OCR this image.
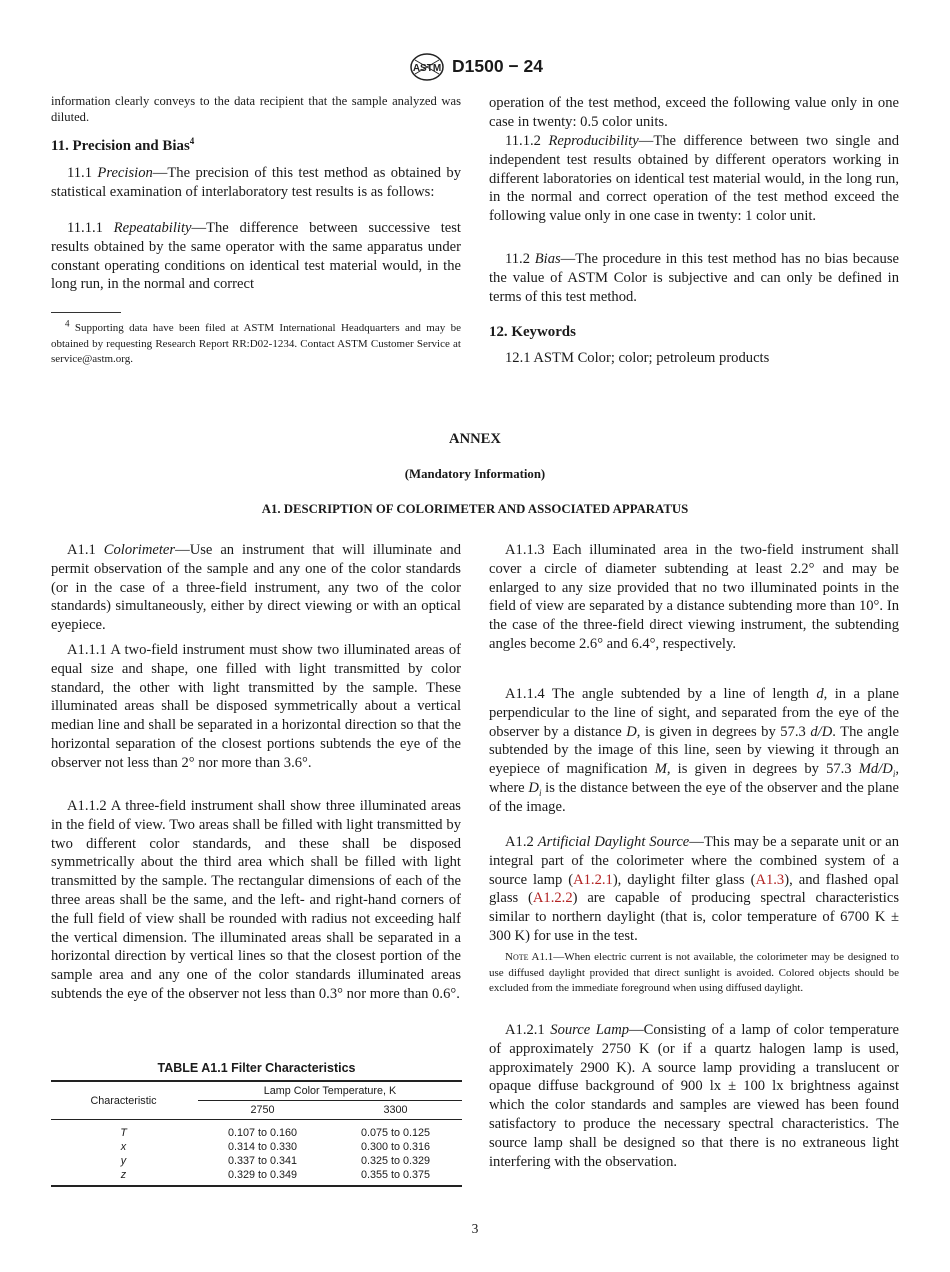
ASTM D1500 − 24

information clearly conveys to the data recipient that the sample analyzed was diluted.

11. Precision and Bias$^4$

11.1 Precision—The precision of this test method as obtained by statistical examination of interlaboratory test results is as follows:

11.1.1 Repeatability—The difference between successive test results obtained by the same operator with the same apparatus under constant operating conditions on identical test material would, in the long run, in the normal and correct

$^4$ Supporting data have been filed at ASTM International Headquarters and may be obtained by requesting Research Report RR:D02-1234. Contact ASTM Customer Service at service@astm.org.

operation of the test method, exceed the following value only in one case in twenty: 0.5 color units.

11.1.2 Reproducibility—The difference between two single and independent test results obtained by different operators working in different laboratories on identical test material would, in the long run, in the normal and correct operation of the test method exceed the following value only in one case in twenty: 1 color unit.

11.2 Bias—The procedure in this test method has no bias because the value of ASTM Color is subjective and can only be defined in terms of this test method.

12. Keywords

12.1 ASTM Color; color; petroleum products

ANNEX
(Mandatory Information)
A1. DESCRIPTION OF COLORIMETER AND ASSOCIATED APPARATUS

A1.1 Colorimeter—Use an instrument that will illuminate and permit observation of the sample and any one of the color standards (or in the case of a three-field instrument, any two of the color standards) simultaneously, either by direct viewing or with an optical eyepiece.

A1.1.1 A two-field instrument must show two illuminated areas of equal size and shape, one filled with light transmitted by color standard, the other with light transmitted by the sample. These illuminated areas shall be disposed symmetrically about a vertical median line and shall be separated in a horizontal direction so that the horizontal separation of the closest portions subtends the eye of the observer not less than 2° nor more than 3.6°.

A1.1.2 A three-field instrument shall show three illuminated areas in the field of view. Two areas shall be filled with light transmitted by two different color standards, and these shall be disposed symmetrically about the third area which shall be filled with light transmitted by the sample. The rectangular dimensions of each of the three areas shall be the same, and the left- and right-hand corners of the full field of view shall be rounded with radius not exceeding half the vertical dimension. The illuminated areas shall be separated in a horizontal direction by vertical lines so that the closest portion of the sample area and any one of the color standards illuminated areas subtends the eye of the observer not less than 0.3° nor more than 0.6°.

TABLE A1.1 Filter Characteristics
Characteristic	Lamp Color Temperature, K	

	2750	3300
T	0.107 to 0.160	0.075 to 0.125
x	0.314 to 0.330	0.300 to 0.316
y	0.337 to 0.341	0.325 to 0.329
z	0.329 to 0.349	0.355 to 0.375

A1.1.3 Each illuminated area in the two-field instrument shall cover a circle of diameter subtending at least 2.2° and may be enlarged to any size provided that no two illuminated points in the field of view are separated by a distance subtending more than 10°. In the case of the three-field direct viewing instrument, the subtending angles become 2.6° and 6.4°, respectively.

A1.1.4 The angle subtended by a line of length d, in a plane perpendicular to the line of sight, and separated from the eye of the observer by a distance D, is given in degrees by 57.3 d/D. The angle subtended by the image of this line, seen by viewing it through an eyepiece of magnification M, is given in degrees by 57.3 $Md/D_i$, where $D_i$ is the distance between the eye of the observer and the plane of the image.

A1.2 Artificial Daylight Source—This may be a separate unit or an integral part of the colorimeter where the combined system of a source lamp (A1.2.1), daylight filter glass (A1.3), and flashed opal glass (A1.2.2) are capable of producing spectral characteristics similar to northern daylight (that is, color temperature of 6700 K ± 300 K) for use in the test.

Note A1.1—When electric current is not available, the colorimeter may be designed to use diffused daylight provided that direct sunlight is avoided. Colored objects should be excluded from the immediate foreground when using diffused daylight.

A1.2.1 Source Lamp—Consisting of a lamp of color temperature of approximately 2750 K (or if a quartz halogen lamp is used, approximately 2900 K). A source lamp providing a translucent or opaque diffuse background of 900 lx ± 100 lx brightness against which the color standards and samples are viewed has been found satisfactory to produce the necessary spectral characteristics. The source lamp shall be designed so that there is no extraneous light interfering with the observation.

3
